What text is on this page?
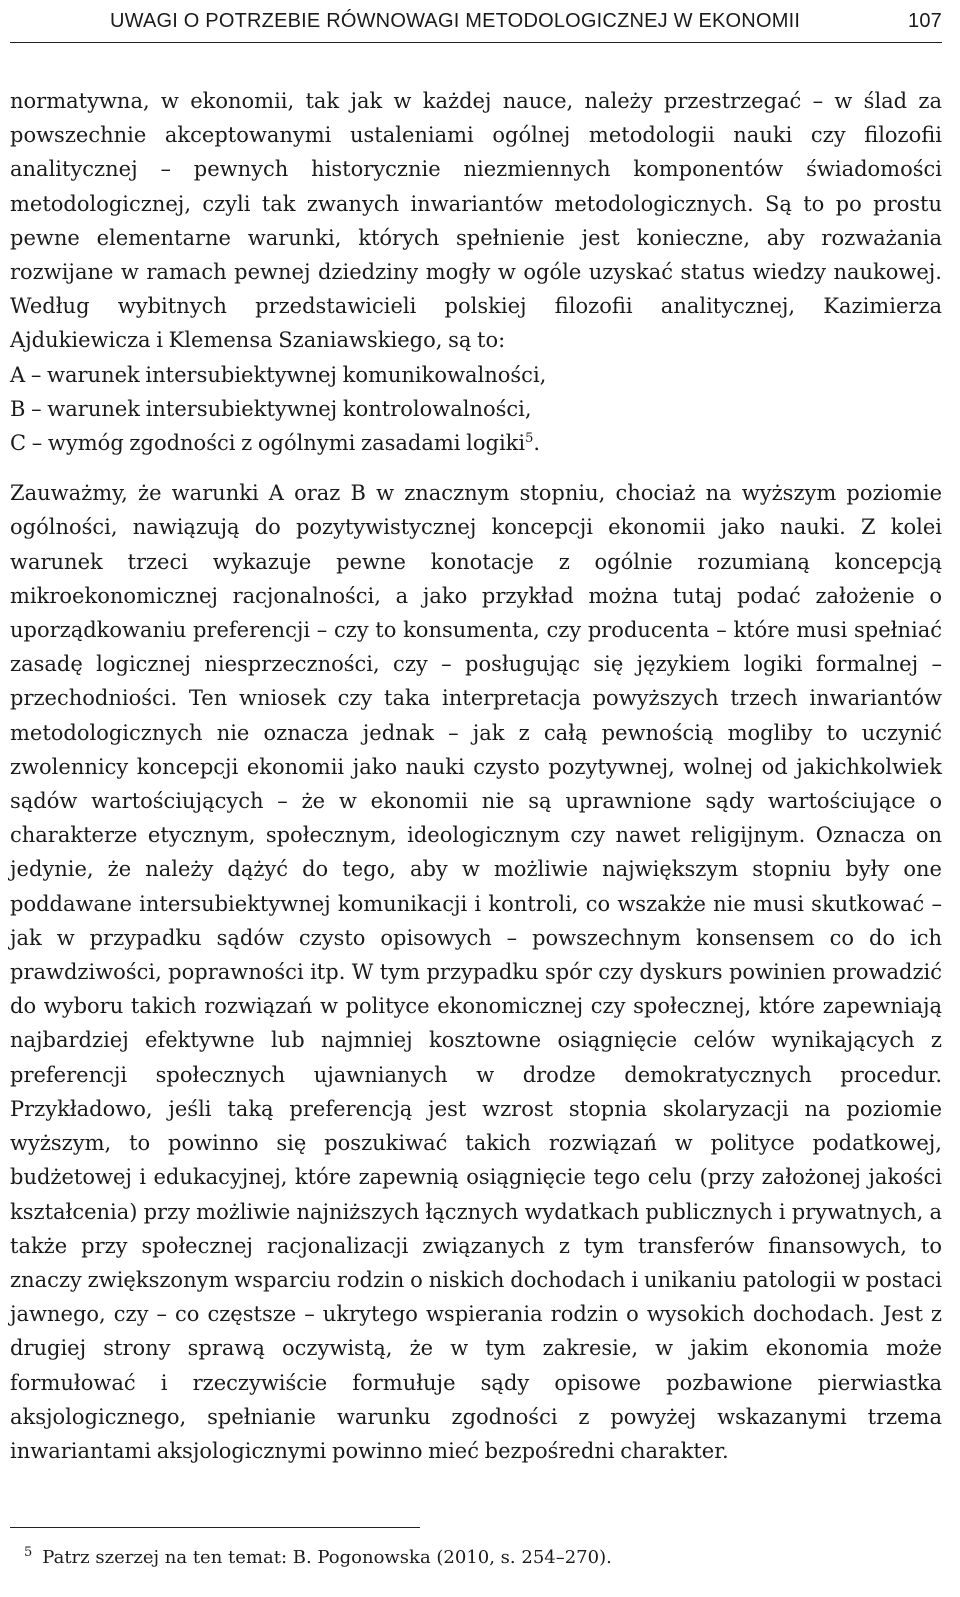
UWAGI O POTRZEBIE RÓWNOWAGI METODOLOGICZNEJ W EKONOMII	107

normatywna, w ekonomii, tak jak w każdej nauce, należy przestrzegać – w ślad za powszechnie akceptowanymi ustaleniami ogólnej metodologii nauki czy filozofii analitycznej – pewnych historycznie niezmiennych komponentów świadomości metodologicznej, czyli tak zwanych inwariantów metodologicznych. Są to po prostu pewne elementarne warunki, których spełnienie jest konieczne, aby rozważania rozwijane w ramach pewnej dziedziny mogły w ogóle uzyskać status wiedzy naukowej. Według wybitnych przedstawicieli polskiej filozofii analitycznej, Kazimierza Ajdukiewicza i Klemensa Szaniawskiego, są to:

A – warunek intersubiektywnej komunikowalności,
B – warunek intersubiektywnej kontrolowalności,
C – wymóg zgodności z ogólnymi zasadami logiki$^5$.

Zauważmy, że warunki A oraz B w znacznym stopniu, chociaż na wyższym poziomie ogólności, nawiązują do pozytywistycznej koncepcji ekonomii jako nauki. Z kolei warunek trzeci wykazuje pewne konotacje z ogólnie rozumianą koncepcją mikroekonomicznej racjonalności, a jako przykład można tutaj podać założenie o uporządkowaniu preferencji – czy to konsumenta, czy producenta – które musi spełniać zasadę logicznej niesprzeczności, czy – posługując się językiem logiki formalnej – przechodniości. Ten wniosek czy taka interpretacja powyższych trzech inwariantów metodologicznych nie oznacza jednak – jak z całą pewnością mogliby to uczynić zwolennicy koncepcji ekonomii jako nauki czysto pozytywnej, wolnej od jakichkolwiek sądów wartościujących – że w ekonomii nie są uprawnione sądy wartościujące o charakterze etycznym, społecznym, ideologicznym czy nawet religijnym. Oznacza on jedynie, że należy dążyć do tego, aby w możliwie największym stopniu były one poddawane intersubiektywnej komunikacji i kontroli, co wszakże nie musi skutkować – jak w przypadku sądów czysto opisowych – powszechnym konsensem co do ich prawdziwości, poprawności itp. W tym przypadku spór czy dyskurs powinien prowadzić do wyboru takich rozwiązań w polityce ekonomicznej czy społecznej, które zapewniają najbardziej efektywne lub najmniej kosztowne osiągnięcie celów wynikających z preferencji społecznych ujawnianych w drodze demokratycznych procedur. Przykładowo, jeśli taką preferencją jest wzrost stopnia skolaryzacji na poziomie wyższym, to powinno się poszukiwać takich rozwiązań w polityce podatkowej, budżetowej i edukacyjnej, które zapewnią osiągnięcie tego celu (przy założonej jakości kształcenia) przy możliwie najniższych łącznych wydatkach publicznych i prywatnych, a także przy społecznej racjonalizacji związanych z tym transferów finansowych, to znaczy zwiększonym wsparciu rodzin o niskich dochodach i unikaniu patologii w postaci jawnego, czy – co częstsze – ukrytego wspierania rodzin o wysokich dochodach. Jest z drugiej strony sprawą oczywistą, że w tym zakresie, w jakim ekonomia może formułować i rzeczywiście formułuje sądy opisowe pozbawione pierwiastka aksjologicznego, spełnianie warunku zgodności z powyżej wskazanymi trzema inwariantami aksjologicznymi powinno mieć bezpośredni charakter.

$^5$ Patrz szerzej na ten temat: B. Pogonowska (2010, s. 254–270).
